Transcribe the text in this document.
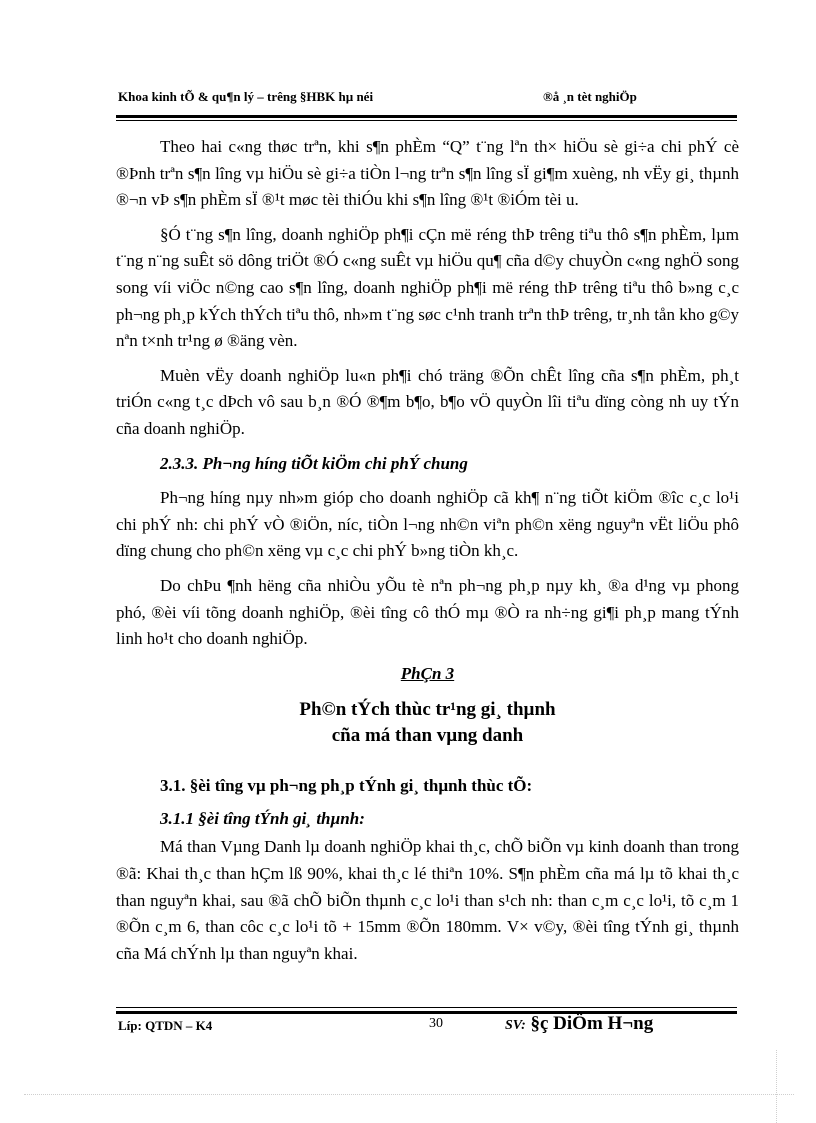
Khoa kinh tÕ & qu¶n lý – trêng §HBK hµ néi	®å ¸n tèt nghiÖp

Theo hai c«ng thøc trªn, khi s¶n phÈm “Q” t¨ng lªn th× hiÖu sè gi÷a chi phÝ cè ®Þnh trªn s¶n lîng vµ hiÖu sè gi÷a tiÒn l¬ng trªn s¶n lîng sÏ gi¶m xuèng, nh vËy gi¸ thµnh ®¬n vÞ s¶n phÈm sÏ ®¹t møc tèi thiÓu khi s¶n lîng ®¹t ®iÓm tèi u.

§Ó t¨ng s¶n lîng, doanh nghiÖp ph¶i cÇn më réng thÞ trêng tiªu thô s¶n phÈm, lµm t¨ng n¨ng suÊt sö dông triÖt ®Ó c«ng suÊt vµ hiÖu qu¶ cña d©y chuyÒn c«ng nghÖ song song víi viÖc n©ng cao s¶n lîng, doanh nghiÖp ph¶i më réng thÞ trêng tiªu thô b»ng c¸c ph¬ng ph¸p kÝch thÝch tiªu thô, nh»m t¨ng søc c¹nh tranh trªn thÞ trêng, tr¸nh tån kho g©y nªn t×nh tr¹ng ø ®äng vèn.

Muèn vËy doanh nghiÖp lu«n ph¶i chó träng ®Õn chÊt lîng cña s¶n phÈm, ph¸t triÓn c«ng t¸c dÞch vô sau b¸n ®Ó ®¶m b¶o, b¶o vÖ quyÒn lîi tiªu dïng còng nh uy tÝn cña doanh nghiÖp.

2.3.3. Ph¬ng híng tiÕt kiÖm chi phÝ chung

Ph¬ng híng nµy nh»m gióp cho doanh nghiÖp cã kh¶ n¨ng tiÕt kiÖm ®îc c¸c lo¹i chi phÝ nh: chi phÝ vÒ ®iÖn, níc, tiÒn l¬ng nh©n viªn ph©n xëng nguyªn vËt liÖu phô dïng chung cho ph©n xëng vµ c¸c chi phÝ b»ng tiÒn kh¸c.

Do chÞu ¶nh hëng cña nhiÒu yÕu tè nªn ph¬ng ph¸p nµy kh¸ ®a d¹ng vµ phong phó, ®èi víi tõng doanh nghiÖp, ®èi tîng cô thÓ mµ ®Ò ra nh÷ng gi¶i ph¸p mang tÝnh linh ho¹t cho doanh nghiÖp.

PhÇn 3
Ph©n tÝch thùc tr¹ng gi¸ thµnh
cña má than vµng danh
3.1. §èi tîng vµ ph¬ng ph¸p tÝnh gi¸ thµnh thùc tÕ:
3.1.1 §èi tîng tÝnh gi¸ thµnh:

Má than Vµng Danh lµ doanh nghiÖp khai th¸c, chÕ biÕn vµ kinh doanh than trong ®ã: Khai th¸c than hÇm lß 90%, khai th¸c lé thiªn 10%. S¶n phÈm cña má lµ tõ khai th¸c than nguyªn khai, sau ®ã chÕ biÕn thµnh c¸c lo¹i than s¹ch nh: than c¸m c¸c lo¹i, tõ c¸m 1 ®Õn c¸m 6, than côc c¸c lo¹i tõ + 15mm ®Õn 180mm. V× v©y, ®èi tîng tÝnh gi¸ thµnh cña Má chÝnh lµ than nguyªn khai.

Líp: QTDN – K4	30	SV: §ç DiÖm H¬ng
